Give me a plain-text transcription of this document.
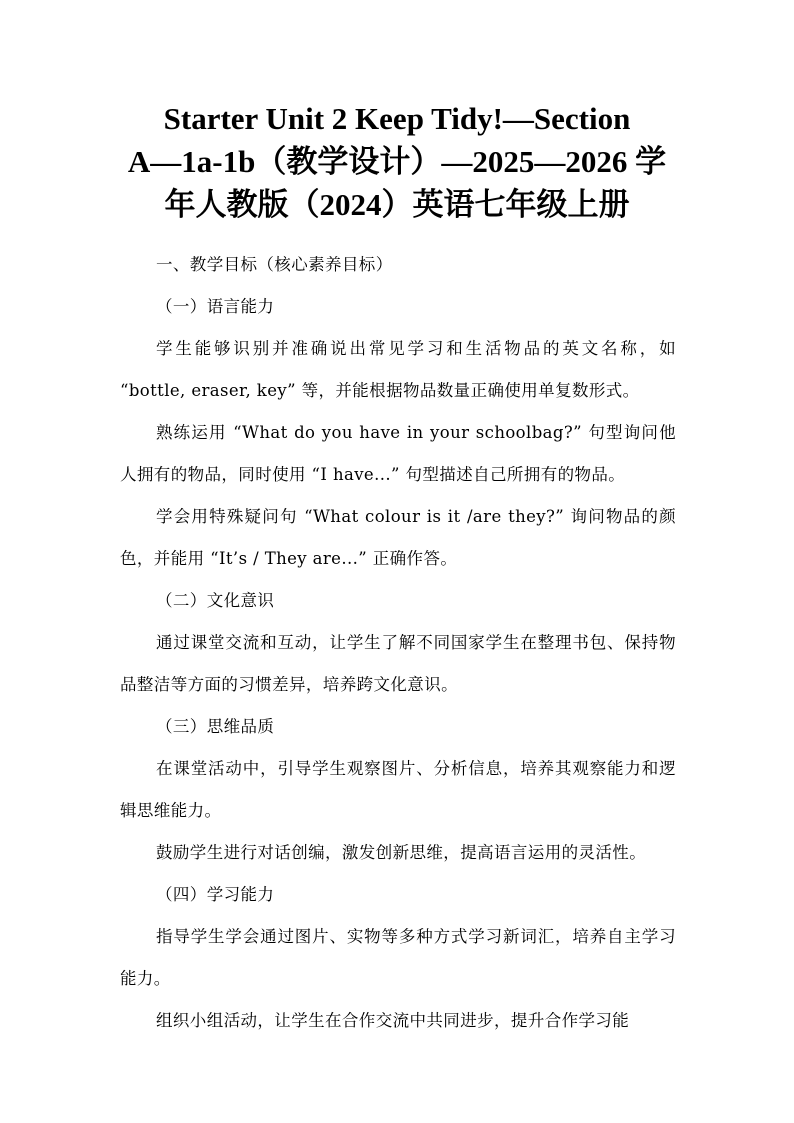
Starter Unit 2 Keep Tidy!—Section
A—1a-1b（教学设计）—2025—2026 学
年人教版（2024）英语七年级上册

一、教学目标（核心素养目标）

（一）语言能力

学生能够识别并准确说出常见学习和生活物品的英文名称，如 “bottle, eraser, key” 等，并能根据物品数量正确使用单复数形式。

熟练运用 “What do you have in your schoolbag?” 句型询问他人拥有的物品，同时使用 “I have...” 句型描述自己所拥有的物品。

学会用特殊疑问句 “What colour is it /are they?” 询问物品的颜色，并能用 “It’s / They are...” 正确作答。

（二）文化意识

通过课堂交流和互动，让学生了解不同国家学生在整理书包、保持物品整洁等方面的习惯差异，培养跨文化意识。

（三）思维品质

在课堂活动中，引导学生观察图片、分析信息，培养其观察能力和逻辑思维能力。

鼓励学生进行对话创编，激发创新思维，提高语言运用的灵活性。

（四）学习能力

指导学生学会通过图片、实物等多种方式学习新词汇，培养自主学习能力。

组织小组活动，让学生在合作交流中共同进步，提升合作学习能
